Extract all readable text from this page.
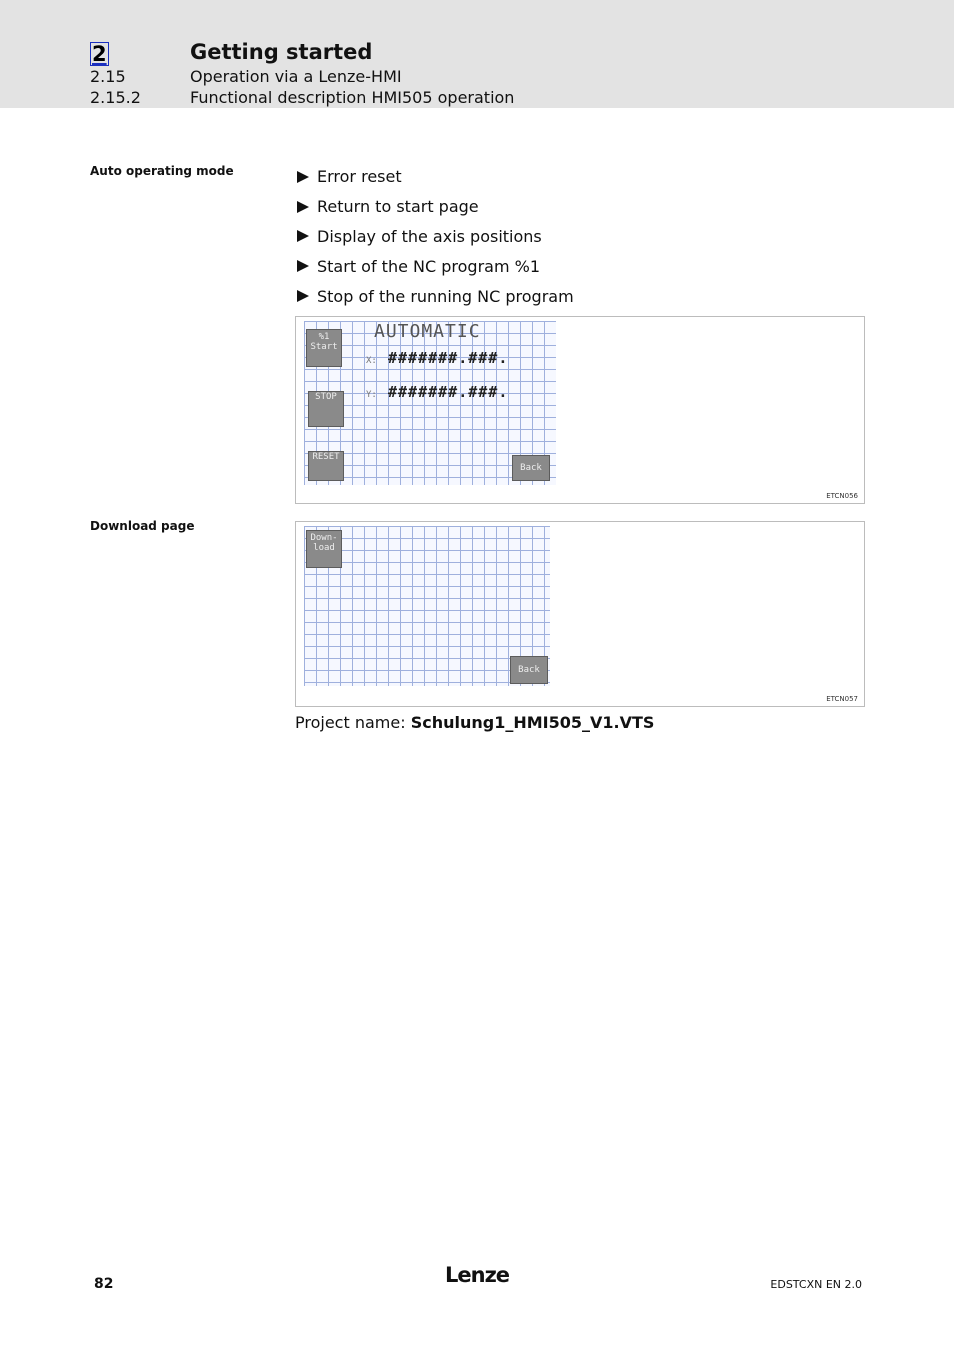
2	Getting started
2.15	Operation via a Lenze-HMI
2.15.2	Functional description HMI505 operation
Auto operating mode	Error reset
Return to start page
Display of the axis positions
Start of the NC program %1
Stop of the running NC program
%1 Start
STOP
RESET
Back
AUTOMATIC
X: #######.###.
Y: #######.###.
ETCN056
Download page
Down- load
Back
ETCN057
Project name: Schulung1_HMI505_V1.VTS
82	Lenze	EDSTCXN EN 2.0
